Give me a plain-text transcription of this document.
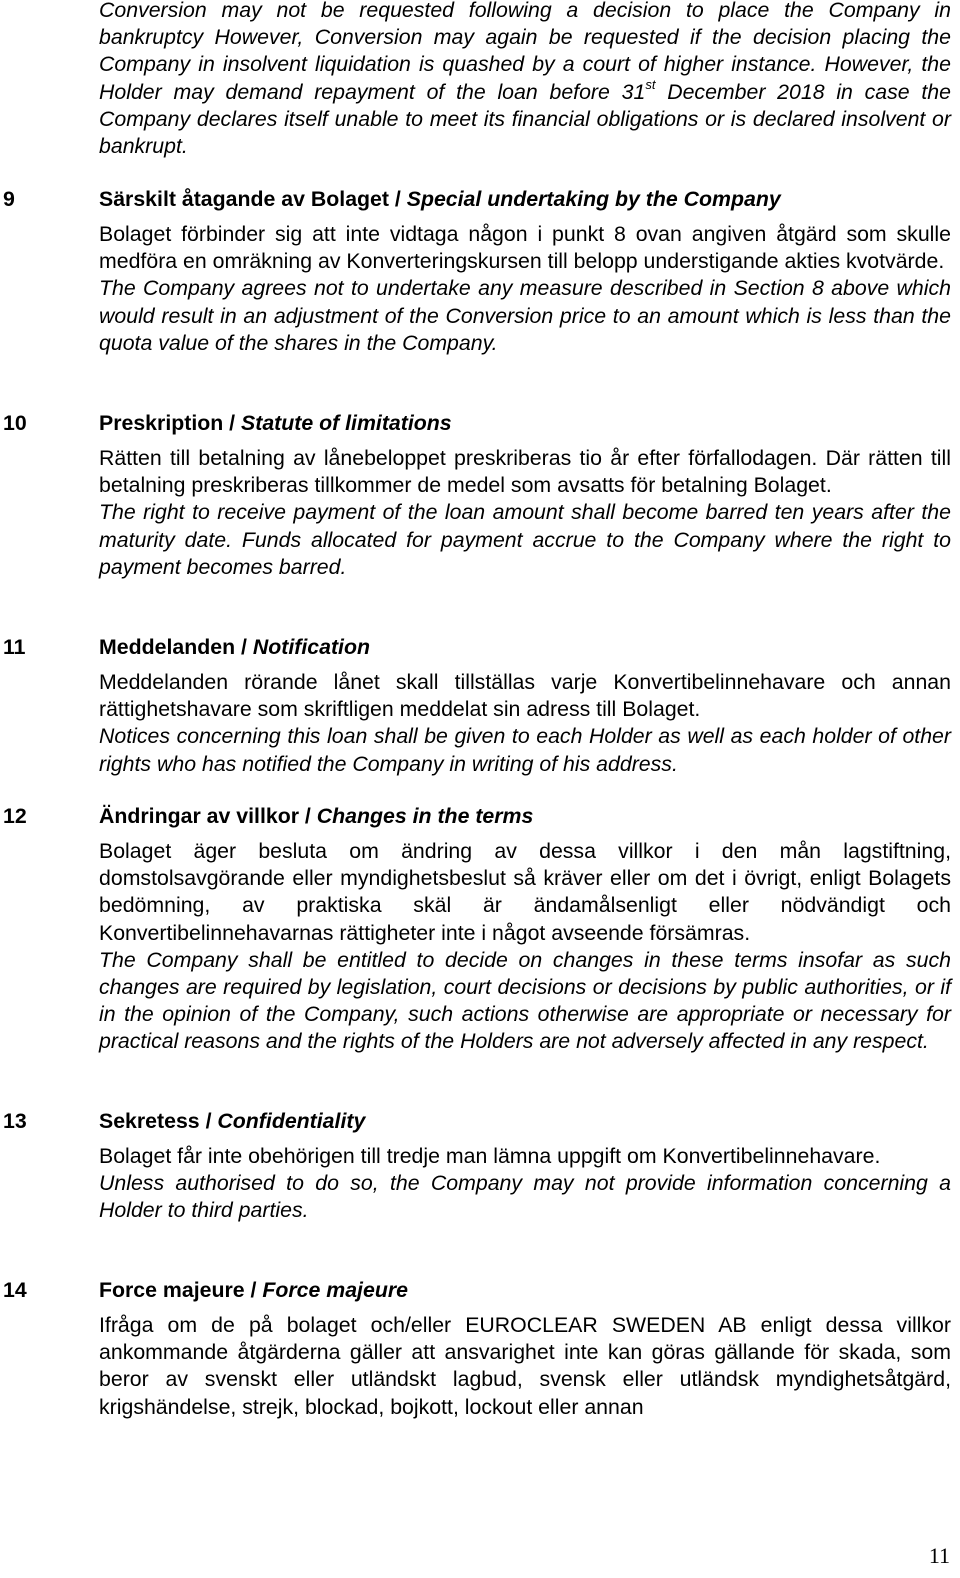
Conversion may not be requested following a decision to place the Company in bankruptcy However, Conversion may again be requested if the decision placing the Company in insolvent liquidation is quashed by a court of higher instance. However, the Holder may demand repayment of the loan before 31st December 2018 in case the Company declares itself unable to meet its financial obligations or is declared insolvent or bankrupt.

9	Särskilt åtagande av Bolaget / Special undertaking by the Company

Bolaget förbinder sig att inte vidtaga någon i punkt 8 ovan angiven åtgärd som skulle medföra en omräkning av Konverteringskursen till belopp understigande akties kvotvärde.

The Company agrees not to undertake any measure described in Section 8 above which would result in an adjustment of the Conversion price to an amount which is less than the quota value of the shares in the Company.

10	Preskription / Statute of limitations

Rätten till betalning av lånebeloppet preskriberas tio år efter förfallodagen. Där rätten till betalning preskriberas tillkommer de medel som avsatts för betalning Bolaget.

The right to receive payment of the loan amount shall become barred ten years after the maturity date. Funds allocated for payment accrue to the Company where the right to payment becomes barred.

11	Meddelanden / Notification

Meddelanden rörande lånet skall tillställas varje Konvertibelinnehavare och annan rättighetshavare som skriftligen meddelat sin adress till Bolaget.

Notices concerning this loan shall be given to each Holder as well as each holder of other rights who has notified the Company in writing of his address.

12	Ändringar av villkor / Changes in the terms

Bolaget äger besluta om ändring av dessa villkor i den mån lagstiftning, domstolsavgörande eller myndighetsbeslut så kräver eller om det i övrigt, enligt Bolagets bedömning, av praktiska skäl är ändamålsenligt eller nödvändigt och Konvertibelinnehavarnas rättigheter inte i något avseende försämras.

The Company shall be entitled to decide on changes in these terms insofar as such changes are required by legislation, court decisions or decisions by public authorities, or if in the opinion of the Company, such actions otherwise are appropriate or necessary for practical reasons and the rights of the Holders are not adversely affected in any respect.

13	Sekretess / Confidentiality

Bolaget får inte obehörigen till tredje man lämna uppgift om Konvertibelinnehavare.

Unless authorised to do so, the Company may not provide information concerning a Holder to third parties.

14	Force majeure / Force majeure

Ifråga om de på bolaget och/eller EUROCLEAR SWEDEN AB enligt dessa villkor ankommande åtgärderna gäller att ansvarighet inte kan göras gällande för skada, som beror av svenskt eller utländskt lagbud, svensk eller utländsk myndighetsåtgärd, krigshändelse, strejk, blockad, bojkott, lockout eller annan

11
